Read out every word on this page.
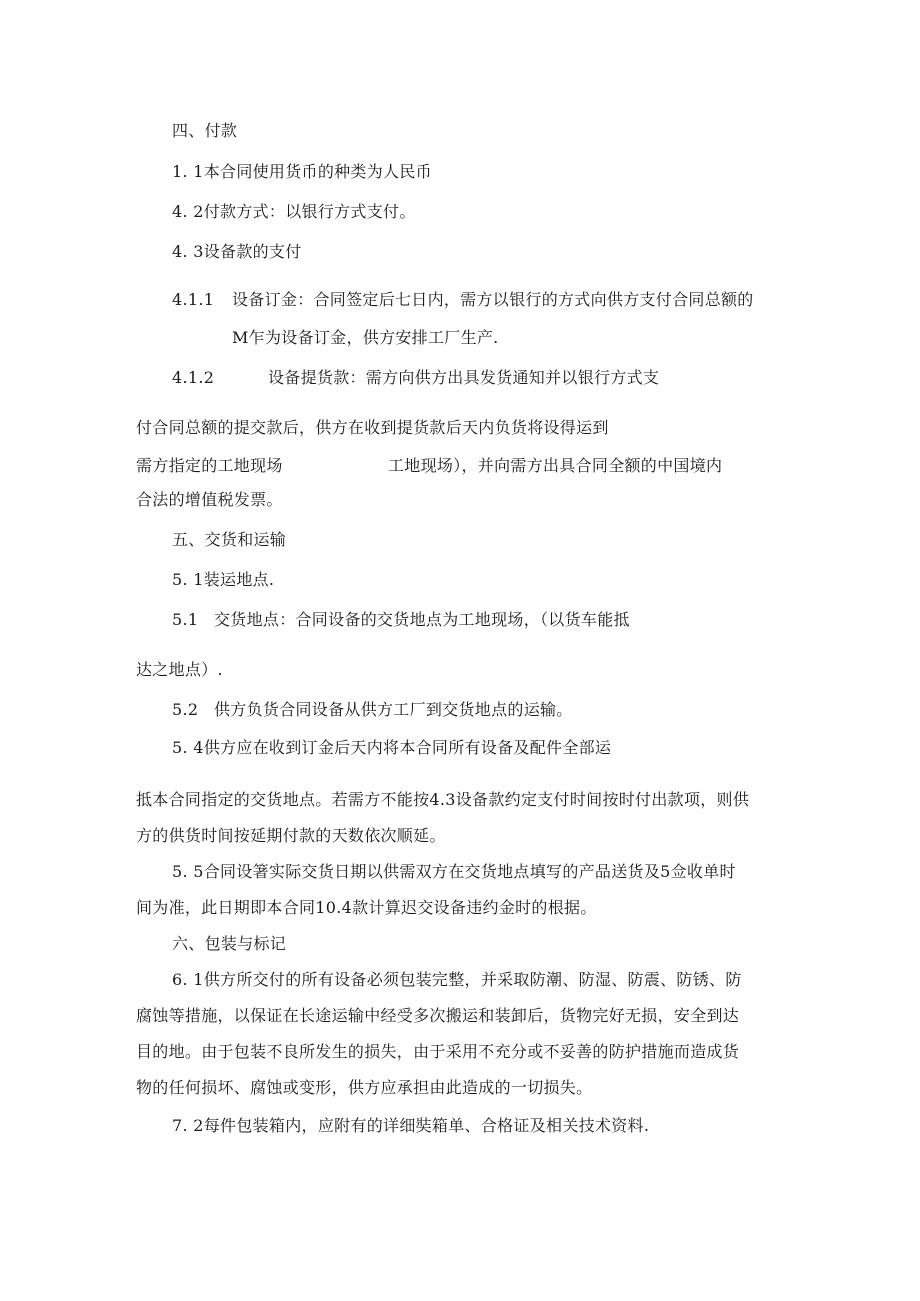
四、付款
1. 1本合同使用货币的种类为人民币
4. 2付款方式：以银行方式支付。
4. 3设备款的支付
4.1.1 设备订金：合同签定后七日内，需方以银行的方式向供方支付合同总额的
M乍为设备订金，供方安排工厂生产.
4.1.2	设备提货款：需方向供方出具发货通知并以银行方式支
付合同总额的提交款后，供方在收到提货款后天内负货将设得运到
需方指定的工地现场	工地现场），并向需方出具合同全额的中国境内
合法的增值税发票。
五、交货和运输
5. 1装运地点.
5.1 交货地点：合同设备的交货地点为工地现场，（以货车能抵
达之地点）.
5.2 供方负货合同设备从供方工厂到交货地点的运输。
5. 4供方应在收到订金后天内将本合同所有设备及配件全部运
抵本合同指定的交货地点。若需方不能按4.3设备款约定支付时间按时付出款项，则供
方的供货时间按延期付款的天数依次顺延。
5. 5合同设箸实际交货日期以供需双方在交货地点填写的产品送货及5佥收单时
间为准，此日期即本合同10.4款计算迟交设备违约金时的根据。
六、包装与标记
6. 1供方所交付的所有设备必须包装完整，并采取防潮、防湿、防震、防锈、防
腐蚀等措施，以保证在长途运输中经受多次搬运和装卸后，货物完好无损，安全到达
目的地。由于包装不良所发生的损失，由于采用不充分或不妥善的防护措施而造成货
物的任何损坏、腐蚀或变形，供方应承担由此造成的一切损失。
7. 2每件包装箱内，应附有的详细奘箱单、合格证及相关技术资料.
